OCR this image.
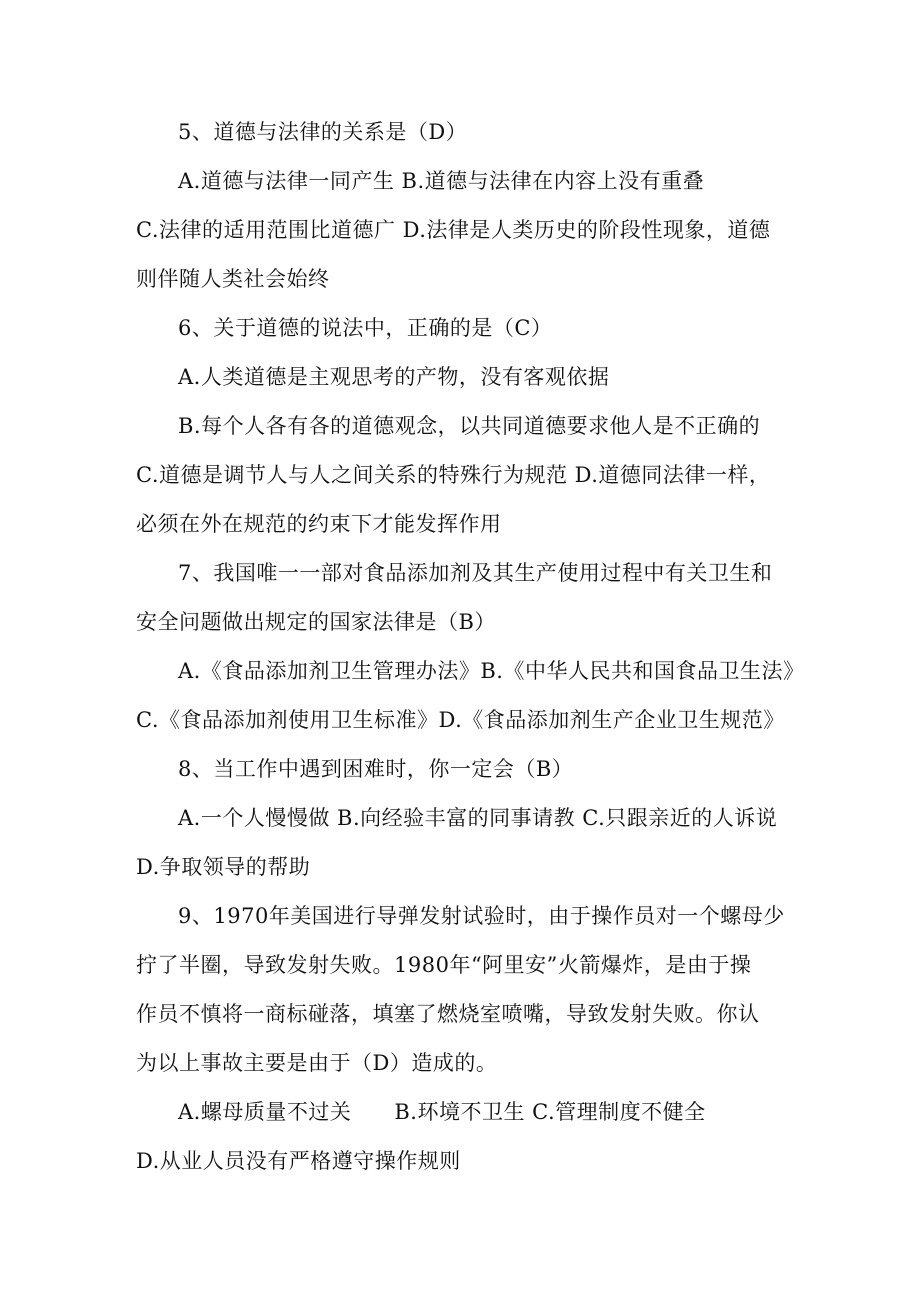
5、道德与法律的关系是（D）
A.道德与法律一同产生 B.道德与法律在内容上没有重叠
C.法律的适用范围比道德广 D.法律是人类历史的阶段性现象，道德
则伴随人类社会始终
6、关于道德的说法中，正确的是（C）
A.人类道德是主观思考的产物，没有客观依据
B.每个人各有各的道德观念，以共同道德要求他人是不正确的
C.道德是调节人与人之间关系的特殊行为规范 D.道德同法律一样，
必须在外在规范的约束下才能发挥作用
7、我国唯一一部对食品添加剂及其生产使用过程中有关卫生和
安全问题做出规定的国家法律是（B）
A.《食品添加剂卫生管理办法》B.《中华人民共和国食品卫生法》
C.《食品添加剂使用卫生标准》D.《食品添加剂生产企业卫生规范》
8、当工作中遇到困难时，你一定会（B）
A.一个人慢慢做 B.向经验丰富的同事请教 C.只跟亲近的人诉说
D.争取领导的帮助
9、1970年美国进行导弹发射试验时，由于操作员对一个螺母少
拧了半圈，导致发射失败。1980年“阿里安”火箭爆炸，是由于操
作员不慎将一商标碰落，填塞了燃烧室喷嘴，导致发射失败。你认
为以上事故主要是由于（D）造成的。
A.螺母质量不过关　　B.环境不卫生 C.管理制度不健全
D.从业人员没有严格遵守操作规则
